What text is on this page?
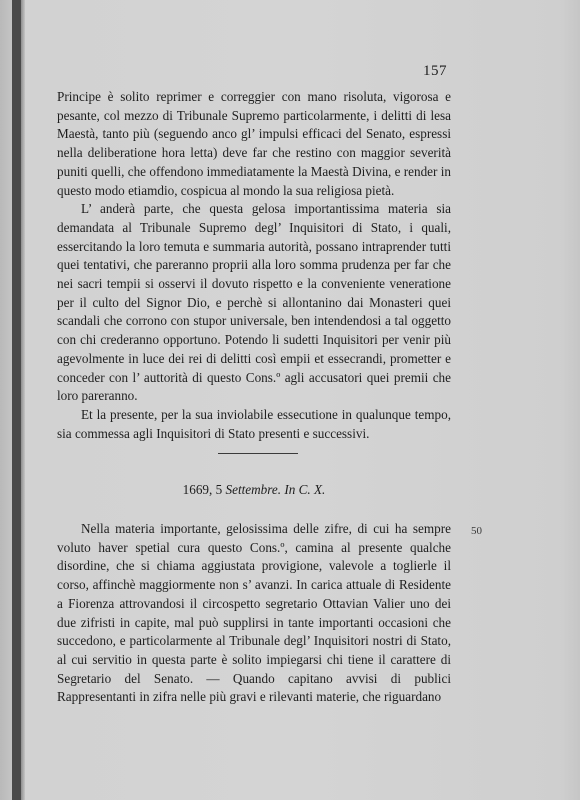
157

Principe è solito reprimer e correggier con mano risoluta, vigorosa e pesante, col mezzo di Tribunale Supremo particolarmente, i delitti di lesa Maestà, tanto più (seguendo anco gl’ impulsi efficaci del Senato, espressi nella deliberatione hora letta) deve far che restino con maggior severità puniti quelli, che offendono immediatamente la Maestà Divina, e render in questo modo etiamdio, cospicua al mondo la sua religiosa pietà.

L’ anderà parte, che questa gelosa importantissima materia sia demandata al Tribunale Supremo degl’ Inquisitori di Stato, i quali, essercitando la loro temuta e summaria autorità, possano intraprender tutti quei tentativi, che pareranno proprii alla loro somma prudenza per far che nei sacri tempii si osservi il dovuto rispetto e la conveniente veneratione per il culto del Signor Dio, e perchè si allontanino dai Monasteri quei scandali che corrono con stupor universale, ben intendendosi a tal oggetto con chi crederanno opportuno. Potendo li sudetti Inquisitori per venir più agevolmente in luce dei rei di delitti così empii et essecrandi, prometter e conceder con l’ auttorità di questo Cons.º agli accusatori quei premii che loro pareranno.

Et la presente, per la sua inviolabile essecutione in qualunque tempo, sia commessa agli Inquisitori di Stato presenti e successivi.

1669, 5 Settembre. In C. X.

Nella materia importante, gelosissima delle zifre, di cui ha sempre voluto haver spetial cura questo Cons.º, camina al presente qualche disordine, che si chiama aggiustata provigione, valevole a toglierle il corso, affinchè maggiormente non s’ avanzi. In carica attuale di Residente a Fiorenza attrovandosi il circospetto segretario Ottavian Valier uno dei due zifristi in capite, mal può supplirsi in tante importanti occasioni che succedono, e particolarmente al Tribunale degl’ Inquisitori nostri di Stato, al cui servitio in questa parte è solito impiegarsi chi tiene il carattere di Segretario del Senato. — Quando capitano avvisi di publici Rappresentanti in zifra nelle più gravi e rilevanti materie, che riguardano

50
